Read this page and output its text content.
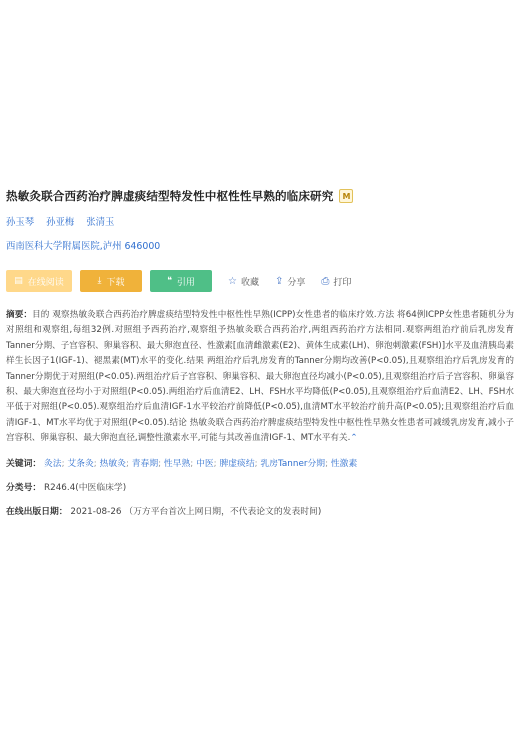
热敏灸联合西药治疗脾虚痰结型特发性中枢性性早熟的临床研究	M
孙玉琴 孙亚梅 张清玉
西南医科大学附属医院,泸州 646000
▤ 在线阅读	⤓ 下载	❝ 引用	☆ 收藏 ⇪ 分享 ⎙ 打印
摘要：目的 观察热敏灸联合西药治疗脾虚痰结型特发性中枢性性早熟(ICPP)女性患者的临床疗效.方法 将64例ICPP女性患者随机分为对照组和观察组,每组32例.对照组予西药治疗,观察组予热敏灸联合西药治疗,两组西药治疗方法相同.观察两组治疗前后乳房发育Tanner分期、子宫容积、卵巢容积、最大卵泡直径、性激素[血清雌激素(E2)、黄体生成素(LH)、卵泡刺激素(FSH)]水平及血清胰岛素样生长因子1(IGF-1)、褪黑素(MT)水平的变化.结果 两组治疗后乳房发育的Tanner分期均改善(P<0.05),且观察组治疗后乳房发育的Tanner分期优于对照组(P<0.05).两组治疗后子宫容积、卵巢容积、最大卵泡直径均减小(P<0.05),且观察组治疗后子宫容积、卵巢容积、最大卵泡直径均小于对照组(P<0.05).两组治疗后血清E2、LH、FSH水平均降低(P<0.05),且观察组治疗后血清E2、LH、FSH水平低于对照组(P<0.05).观察组治疗后血清IGF-1水平较治疗前降低(P<0.05),血清MT水平较治疗前升高(P<0.05);且观察组治疗后血清IGF-1、MT水平均优于对照组(P<0.05).结论 热敏灸联合西药治疗脾虚痰结型特发性中枢性性早熟女性患者可减缓乳房发育,减小子宫容积、卵巢容积、最大卵泡直径,调整性激素水平,可能与其改善血清IGF-1、MT水平有关.⌃
关键词： 灸法; 艾条灸; 热敏灸; 青春期; 性早熟; 中医; 脾虚痰结; 乳房Tanner分期; 性激素
分类号： R246.4(中医临床学)
在线出版日期： 2021-08-26 （万方平台首次上网日期，不代表论文的发表时间)
